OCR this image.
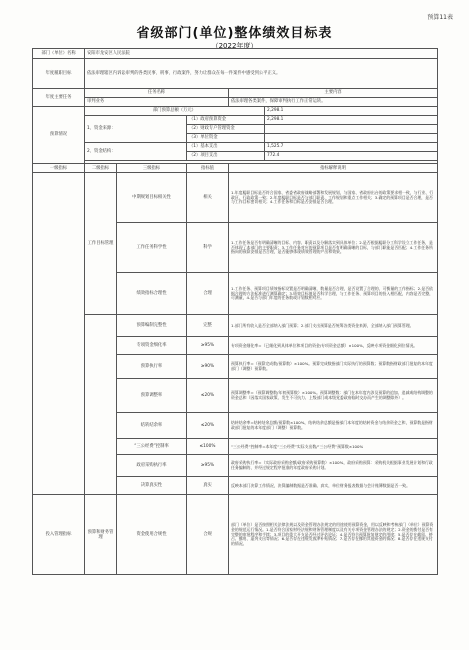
预算11表
省级部门(单位)整体绩效目标表
（2022年度）
部门（单位）名称	安阳市龙安区人民法院			
年度履职目标	依法审理辖区内诉讼审判的各类民事、刑事、行政案件，努力让群众在每一件案件中感受到公平正义。			
年度主要任务	任务名称		主要内容	
	审判业务		依法审理各类案件，保障审判执行工作正常运转。	
预算情况	部门预算总额（万元）			2,298.1
	1、资金来源：	（1）政府预算资金		2,298.1
		（2）财政专户管理资金		
		（3）单位资金		
	2、资金结构：	（1）基本支出		1,525.7
		（2）项目支出		772.4

一级指标	二级指标	三级指标	指标值	指标解释说明
	工作目标管理	中期规划目标相关性	相关	1.年度履职目标是否符合国家、省委省政府战略部署和发展规划，与国家、省政府出台的政策要求相一致，与行业、行政区、行政政策一致；2.年度履职目标是否与部门职责、工作规划和重点工作相关；3.确定的预算项目是否合理，是否与工作目标密切相关；4.工作任务和目标是否安排是否合理。
		工作任务科学性	科学	1.工作任务是否有明确清晰的目标、内容、职责以及分解落实到具体单位；2.是否根据履职分工科学设立工作任务，是否体现了本部门的主要职责；3.工作任务对应的预算项目是否有明确清晰的目标，与部门职能是否匹配；4.工作任务所指向的预算安排是否合理，是否能够体现绩效管理的产出和效果。
		绩效指标合理性	合理	1.工作任务、预算项目绩效指标设置是否明确清晰，数量是否合理，是否设置了合理的、可衡量的工作指标；2.是否依据合理的方法标准进行测算确定；3.绩效目标值是否科学合理，与工作任务、预算项目的投入相匹配，内容是否完整，可测量，4.是否与部门年度的任务数或计划数相对应。
		预算编制完整性	完整	1.部门所有收入是否全部纳入部门预算；2.部门支出预算是否统筹各类资金来源，全部纳入部门预算管理。
		专项资金细化率	≥95%	专项资金细化率=（已细化到具体单位和项目的资金/专项资金总额）×100%，反映专项资金细化到位情况。
		预算执行率	≥90%	预算执行率=（预算完成数/预算数）×100%。预算完成数指部门实际执行的预算数；预算数指财政部门批复的本年度部门（调整）预算数。
		预算调整率	≤20%	预算调整率=（预算调整数/年初预算数）×100%。预算调整数：部门在本年度内涉及预算的追加、追减或结构调整的资金总和（因落实国家政策、发生不可抗力、上级部门或本级党委政府临时交办而产生的调整除外）。
		结转结余率	≤20%	结转结余率=结转结余总额/预算数×100%，结转结余总额是指部门本年度的结转资金与结余资金之和，预算数是指财政部门批复的本年度部门（调整）预算数。
		“三公经费”控制率	≤100%	“三公经费”控制率=本年度“三公经费”实际支出数/“三公经费”预算数×100%
		政府采购执行率	≥95%	政府采购执行率=（实际政府采购金额/政府采购预算数）×100%，政府采购预算：采购机关根据事业发展计划和行政任务编制的、并经过规定程序批准的年度政府采购计划。
		决算真实性	真实	反映本部门决算工作情况，决算编制数据是否准确、真实，单位财务报表数据与会计账簿数据是否一致。
投入管理指标	预算和财务管理	资金使用合规性	合规	部门（单位）是否按照相关法律法规以及资金管理办法规定的用途使用预算资金，用以反映和考核部门（单位）预算资金的规范运行情况。1.是否符合国家财经法规和财务管理制度以及有关专项资金管理办法的规定；2.资金的拨付是否有完整的审批程序和手续；3.项目的重大开支是否经过评估论证；4.是否符合预算批复规定的用途；5.是否存在截留、挤占、挪用、虚列支出等情况；6.是否存在违规发放津补贴情况；7.是否存在挪用其他资金的情况；8.是否存在违规支付的情况。
